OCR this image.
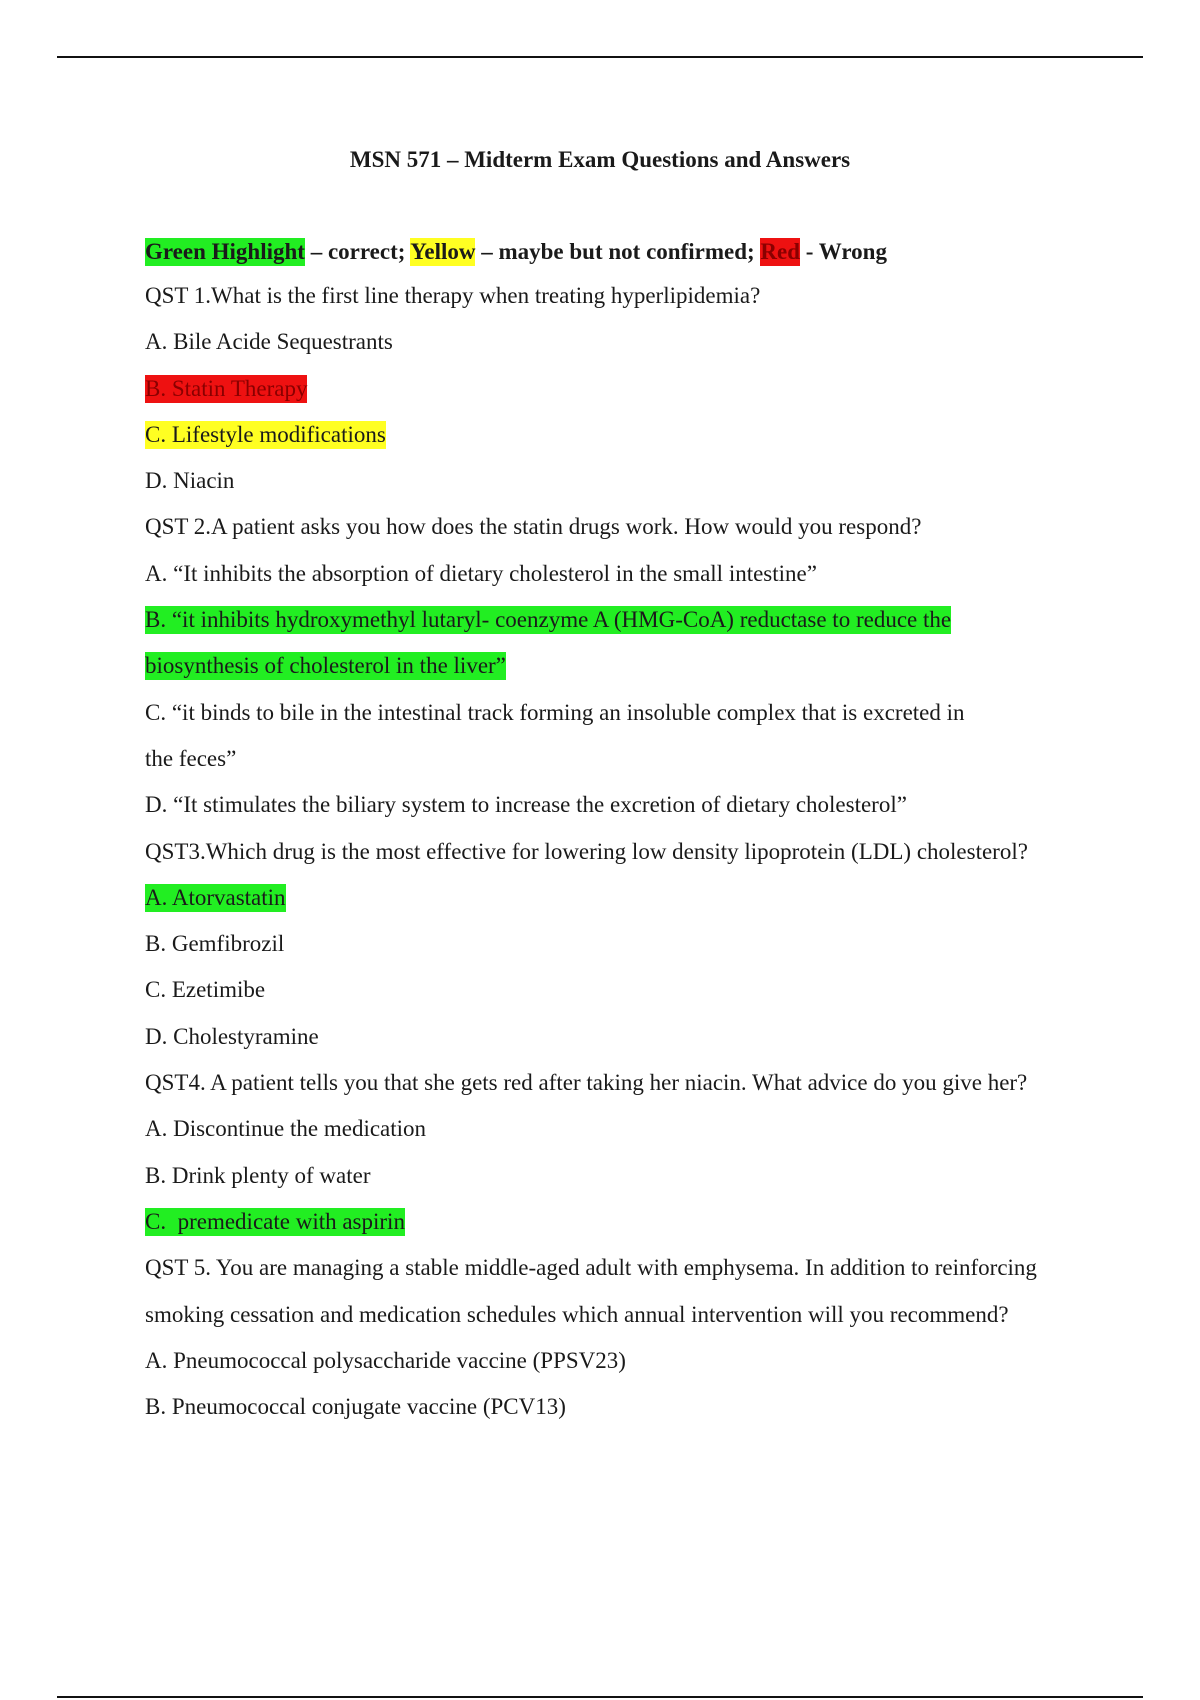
MSN 571 – Midterm Exam Questions and Answers
Green Highlight – correct; Yellow – maybe but not confirmed; Red - Wrong
QST 1.What is the first line therapy when treating hyperlipidemia?
A. Bile Acide Sequestrants
B. Statin Therapy
C. Lifestyle modifications
D. Niacin
QST 2.A patient asks you how does the statin drugs work. How would you respond?
A. “It inhibits the absorption of dietary cholesterol in the small intestine”
B. “it inhibits hydroxymethyl lutaryl- coenzyme A (HMG-CoA) reductase to reduce the
biosynthesis of cholesterol in the liver”
C. “it binds to bile in the intestinal track forming an insoluble complex that is excreted in
the feces”
D. “It stimulates the biliary system to increase the excretion of dietary cholesterol”
QST3.Which drug is the most effective for lowering low density lipoprotein (LDL) cholesterol?
A. Atorvastatin
B. Gemfibrozil
C. Ezetimibe
D. Cholestyramine
QST4. A patient tells you that she gets red after taking her niacin. What advice do you give her?
A. Discontinue the medication
B. Drink plenty of water
C.  premedicate with aspirin
QST 5. You are managing a stable middle-aged adult with emphysema. In addition to reinforcing
smoking cessation and medication schedules which annual intervention will you recommend?
A. Pneumococcal polysaccharide vaccine (PPSV23)
B. Pneumococcal conjugate vaccine (PCV13)
